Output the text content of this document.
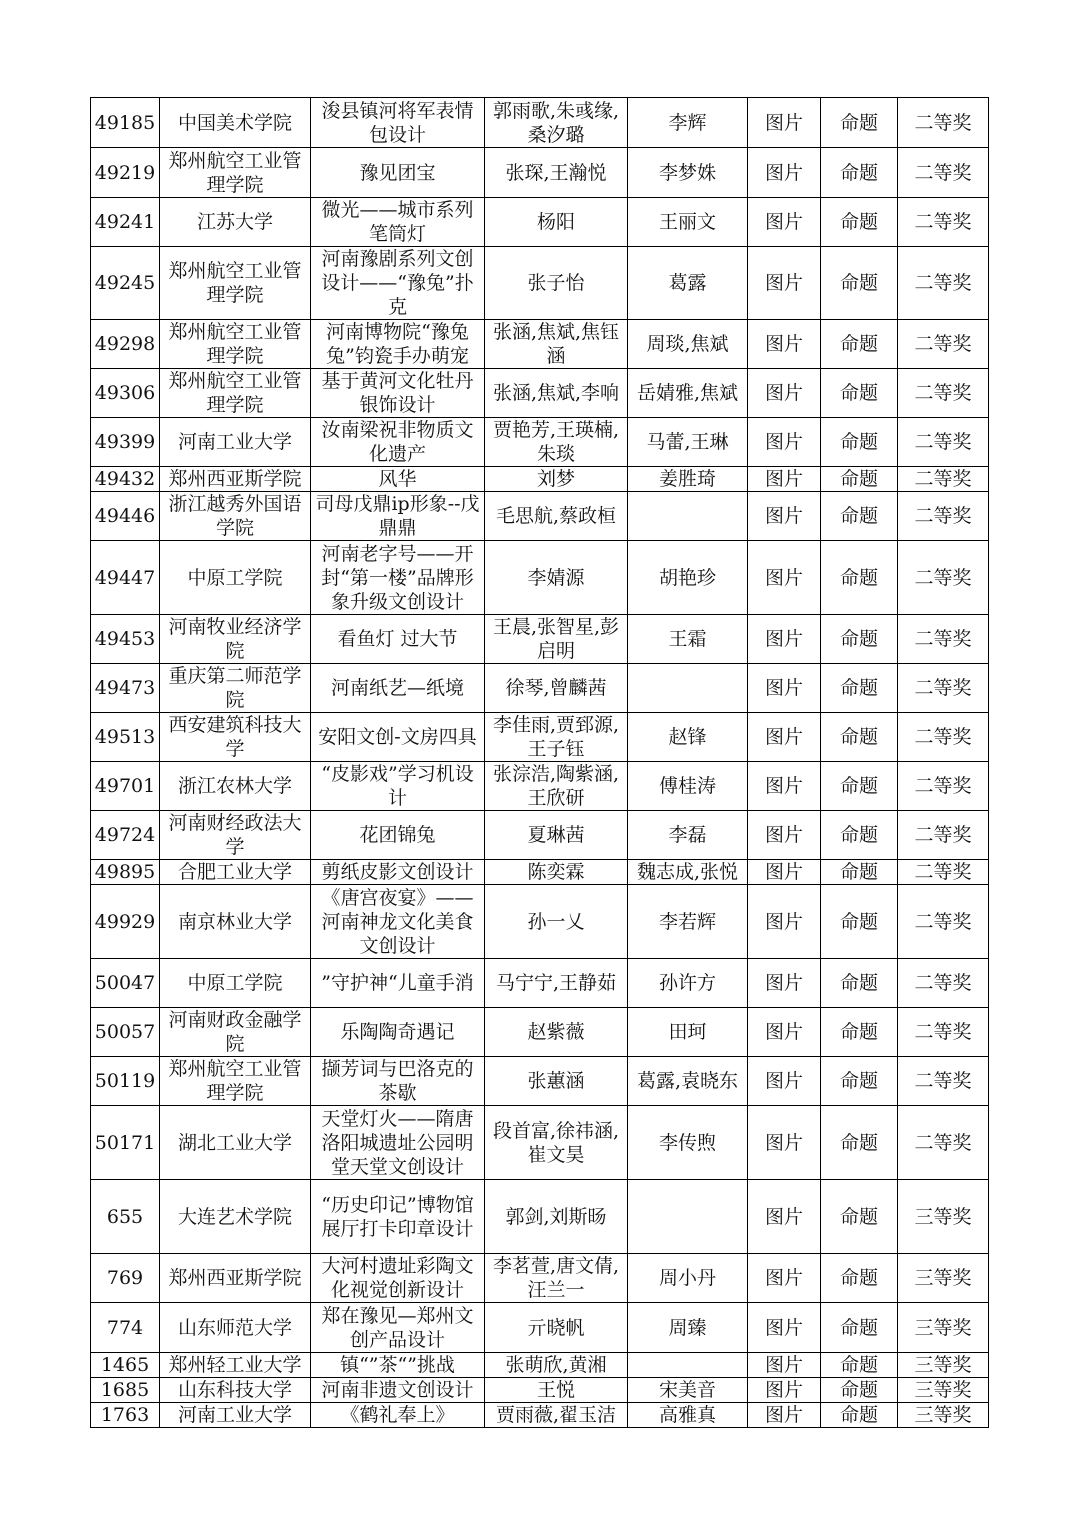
49185	中国美术学院	浚县镇河将军表情包设计	郭雨歌,朱彧缘,桑汐璐	李辉	图片	命题	二等奖
49219	郑州航空工业管理学院	豫见团宝	张琛,王瀚悦	李梦姝	图片	命题	二等奖
49241	江苏大学	微光——城市系列笔筒灯	杨阳	王丽文	图片	命题	二等奖
49245	郑州航空工业管理学院	河南豫剧系列文创设计——“豫兔”扑克	张子怡	葛露	图片	命题	二等奖
49298	郑州航空工业管理学院	河南博物院“豫兔兔”钧瓷手办萌宠	张涵,焦斌,焦钰涵	周琰,焦斌	图片	命题	二等奖
49306	郑州航空工业管理学院	基于黄河文化牡丹银饰设计	张涵,焦斌,李响	岳婧雅,焦斌	图片	命题	二等奖
49399	河南工业大学	汝南梁祝非物质文化遗产	贾艳芳,王瑛楠,朱琰	马蕾,王琳	图片	命题	二等奖
49432	郑州西亚斯学院	风华	刘梦	姜胜琦	图片	命题	二等奖
49446	浙江越秀外国语学院	司母戊鼎ip形象--戊鼎鼎	毛思航,蔡政桓		图片	命题	二等奖
49447	中原工学院	河南老字号——开封“第一楼”品牌形象升级文创设计	李婧源	胡艳珍	图片	命题	二等奖
49453	河南牧业经济学院	看鱼灯 过大节	王晨,张智星,彭启明	王霜	图片	命题	二等奖
49473	重庆第二师范学院	河南纸艺—纸境	徐琴,曾麟茜		图片	命题	二等奖
49513	西安建筑科技大学	安阳文创-文房四具	李佳雨,贾郅源,王子钰	赵锋	图片	命题	二等奖
49701	浙江农林大学	“皮影戏”学习机设计	张淙浩,陶紫涵,王欣研	傅桂涛	图片	命题	二等奖
49724	河南财经政法大学	花团锦兔	夏琳茜	李磊	图片	命题	二等奖
49895	合肥工业大学	剪纸皮影文创设计	陈奕霖	魏志成,张悦	图片	命题	二等奖
49929	南京林业大学	《唐宫夜宴》——河南神龙文化美食文创设计	孙一乂	李若辉	图片	命题	二等奖
50047	中原工学院	”守护神“儿童手消	马宁宁,王静茹	孙许方	图片	命题	二等奖
50057	河南财政金融学院	乐陶陶奇遇记	赵紫薇	田珂	图片	命题	二等奖
50119	郑州航空工业管理学院	撷芳词与巴洛克的茶歇	张蕙涵	葛露,袁晓东	图片	命题	二等奖
50171	湖北工业大学	天堂灯火——隋唐洛阳城遗址公园明堂天堂文创设计	段首富,徐祎涵,崔文昊	李传煦	图片	命题	二等奖
655	大连艺术学院	“历史印记”博物馆展厅打卡印章设计	郭剑,刘斯旸		图片	命题	三等奖
769	郑州西亚斯学院	大河村遗址彩陶文化视觉创新设计	李茗萱,唐文倩,汪兰一	周小丹	图片	命题	三等奖
774	山东师范大学	郑在豫见—郑州文创产品设计	亓晓帆	周臻	图片	命题	三等奖
1465	郑州轻工业大学	镇“”茶“”挑战	张萌欣,黄湘		图片	命题	三等奖
1685	山东科技大学	河南非遗文创设计	王悦	宋美音	图片	命题	三等奖
1763	河南工业大学	《鹤礼奉上》	贾雨薇,翟玉洁	高雅真	图片	命题	三等奖
